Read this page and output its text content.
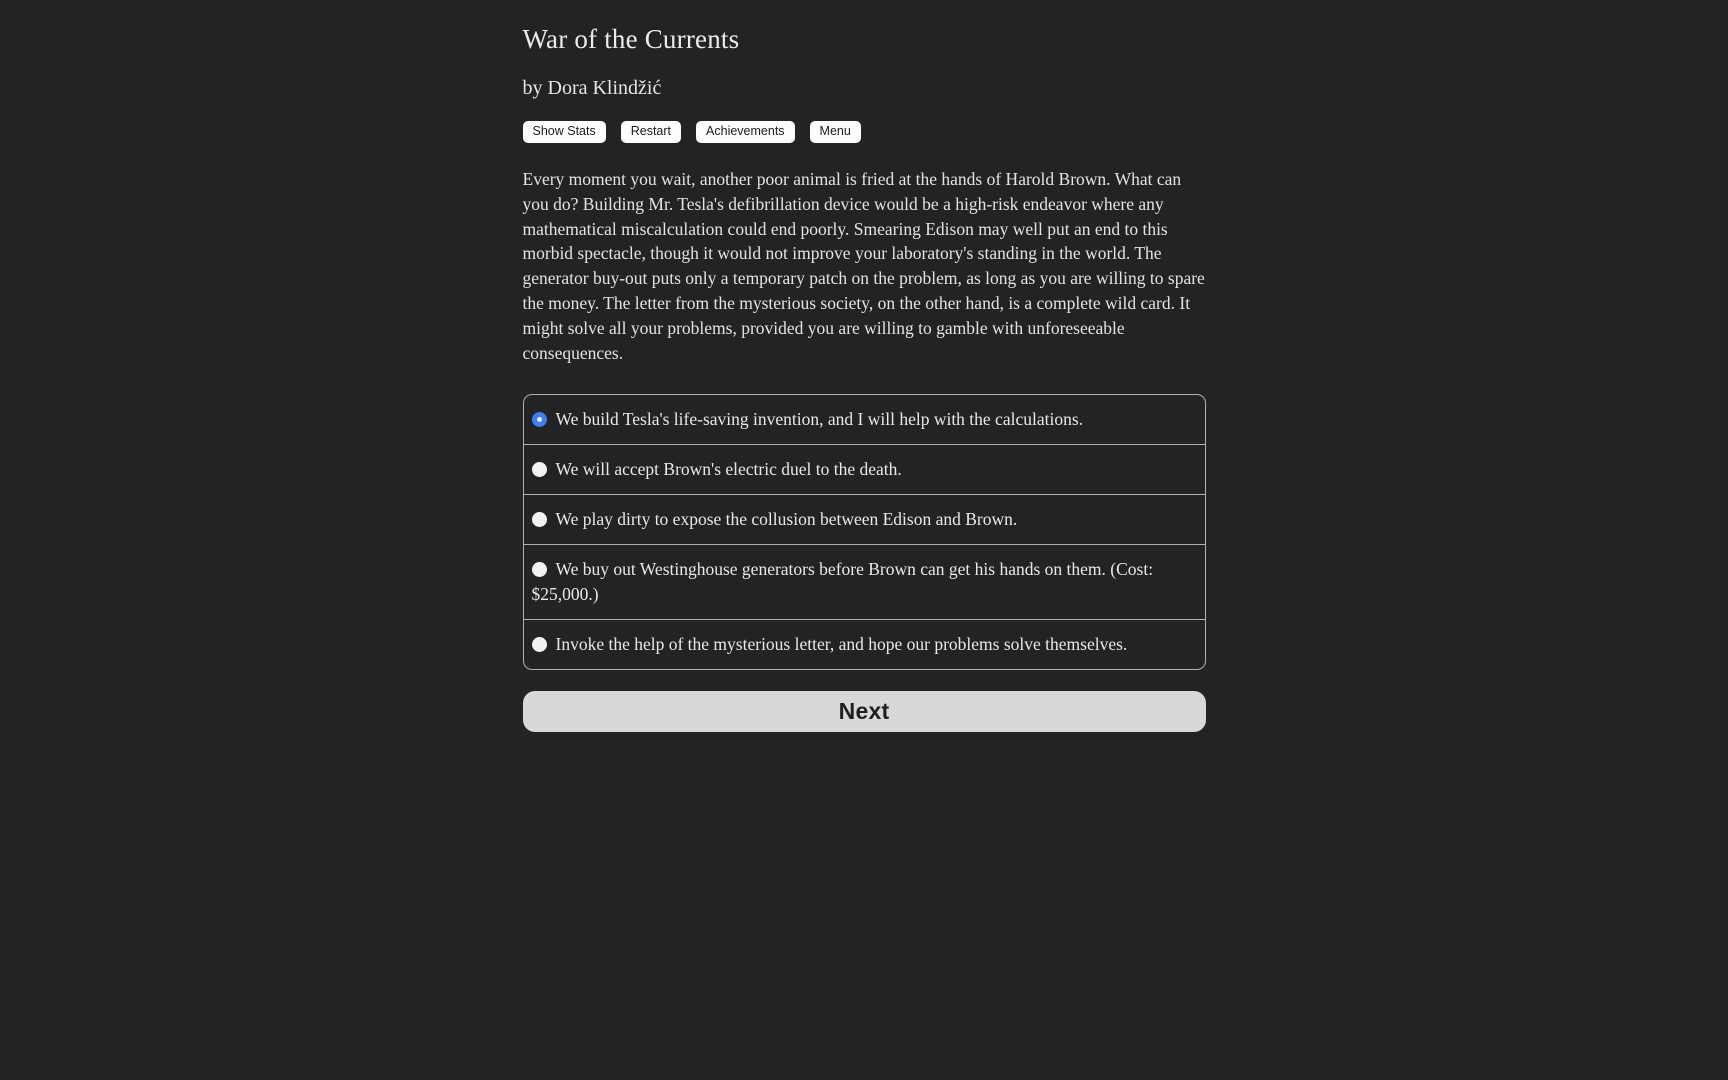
War of the Currents
by Dora Klindžić
Show Stats	Restart	Achievements	Menu
Every moment you wait, another poor animal is fried at the hands of Harold Brown. What can you do? Building Mr. Tesla's defibrillation device would be a high-risk endeavor where any mathematical miscalculation could end poorly. Smearing Edison may well put an end to this morbid spectacle, though it would not improve your laboratory's standing in the world. The generator buy-out puts only a temporary patch on the problem, as long as you are willing to spare the money. The letter from the mysterious society, on the other hand, is a complete wild card. It might solve all your problems, provided you are willing to gamble with unforeseeable consequences.
We build Tesla's life-saving invention, and I will help with the calculations.
We will accept Brown's electric duel to the death.
We play dirty to expose the collusion between Edison and Brown.
We buy out Westinghouse generators before Brown can get his hands on them. (Cost: $25,000.)
Invoke the help of the mysterious letter, and hope our problems solve themselves.
Next
